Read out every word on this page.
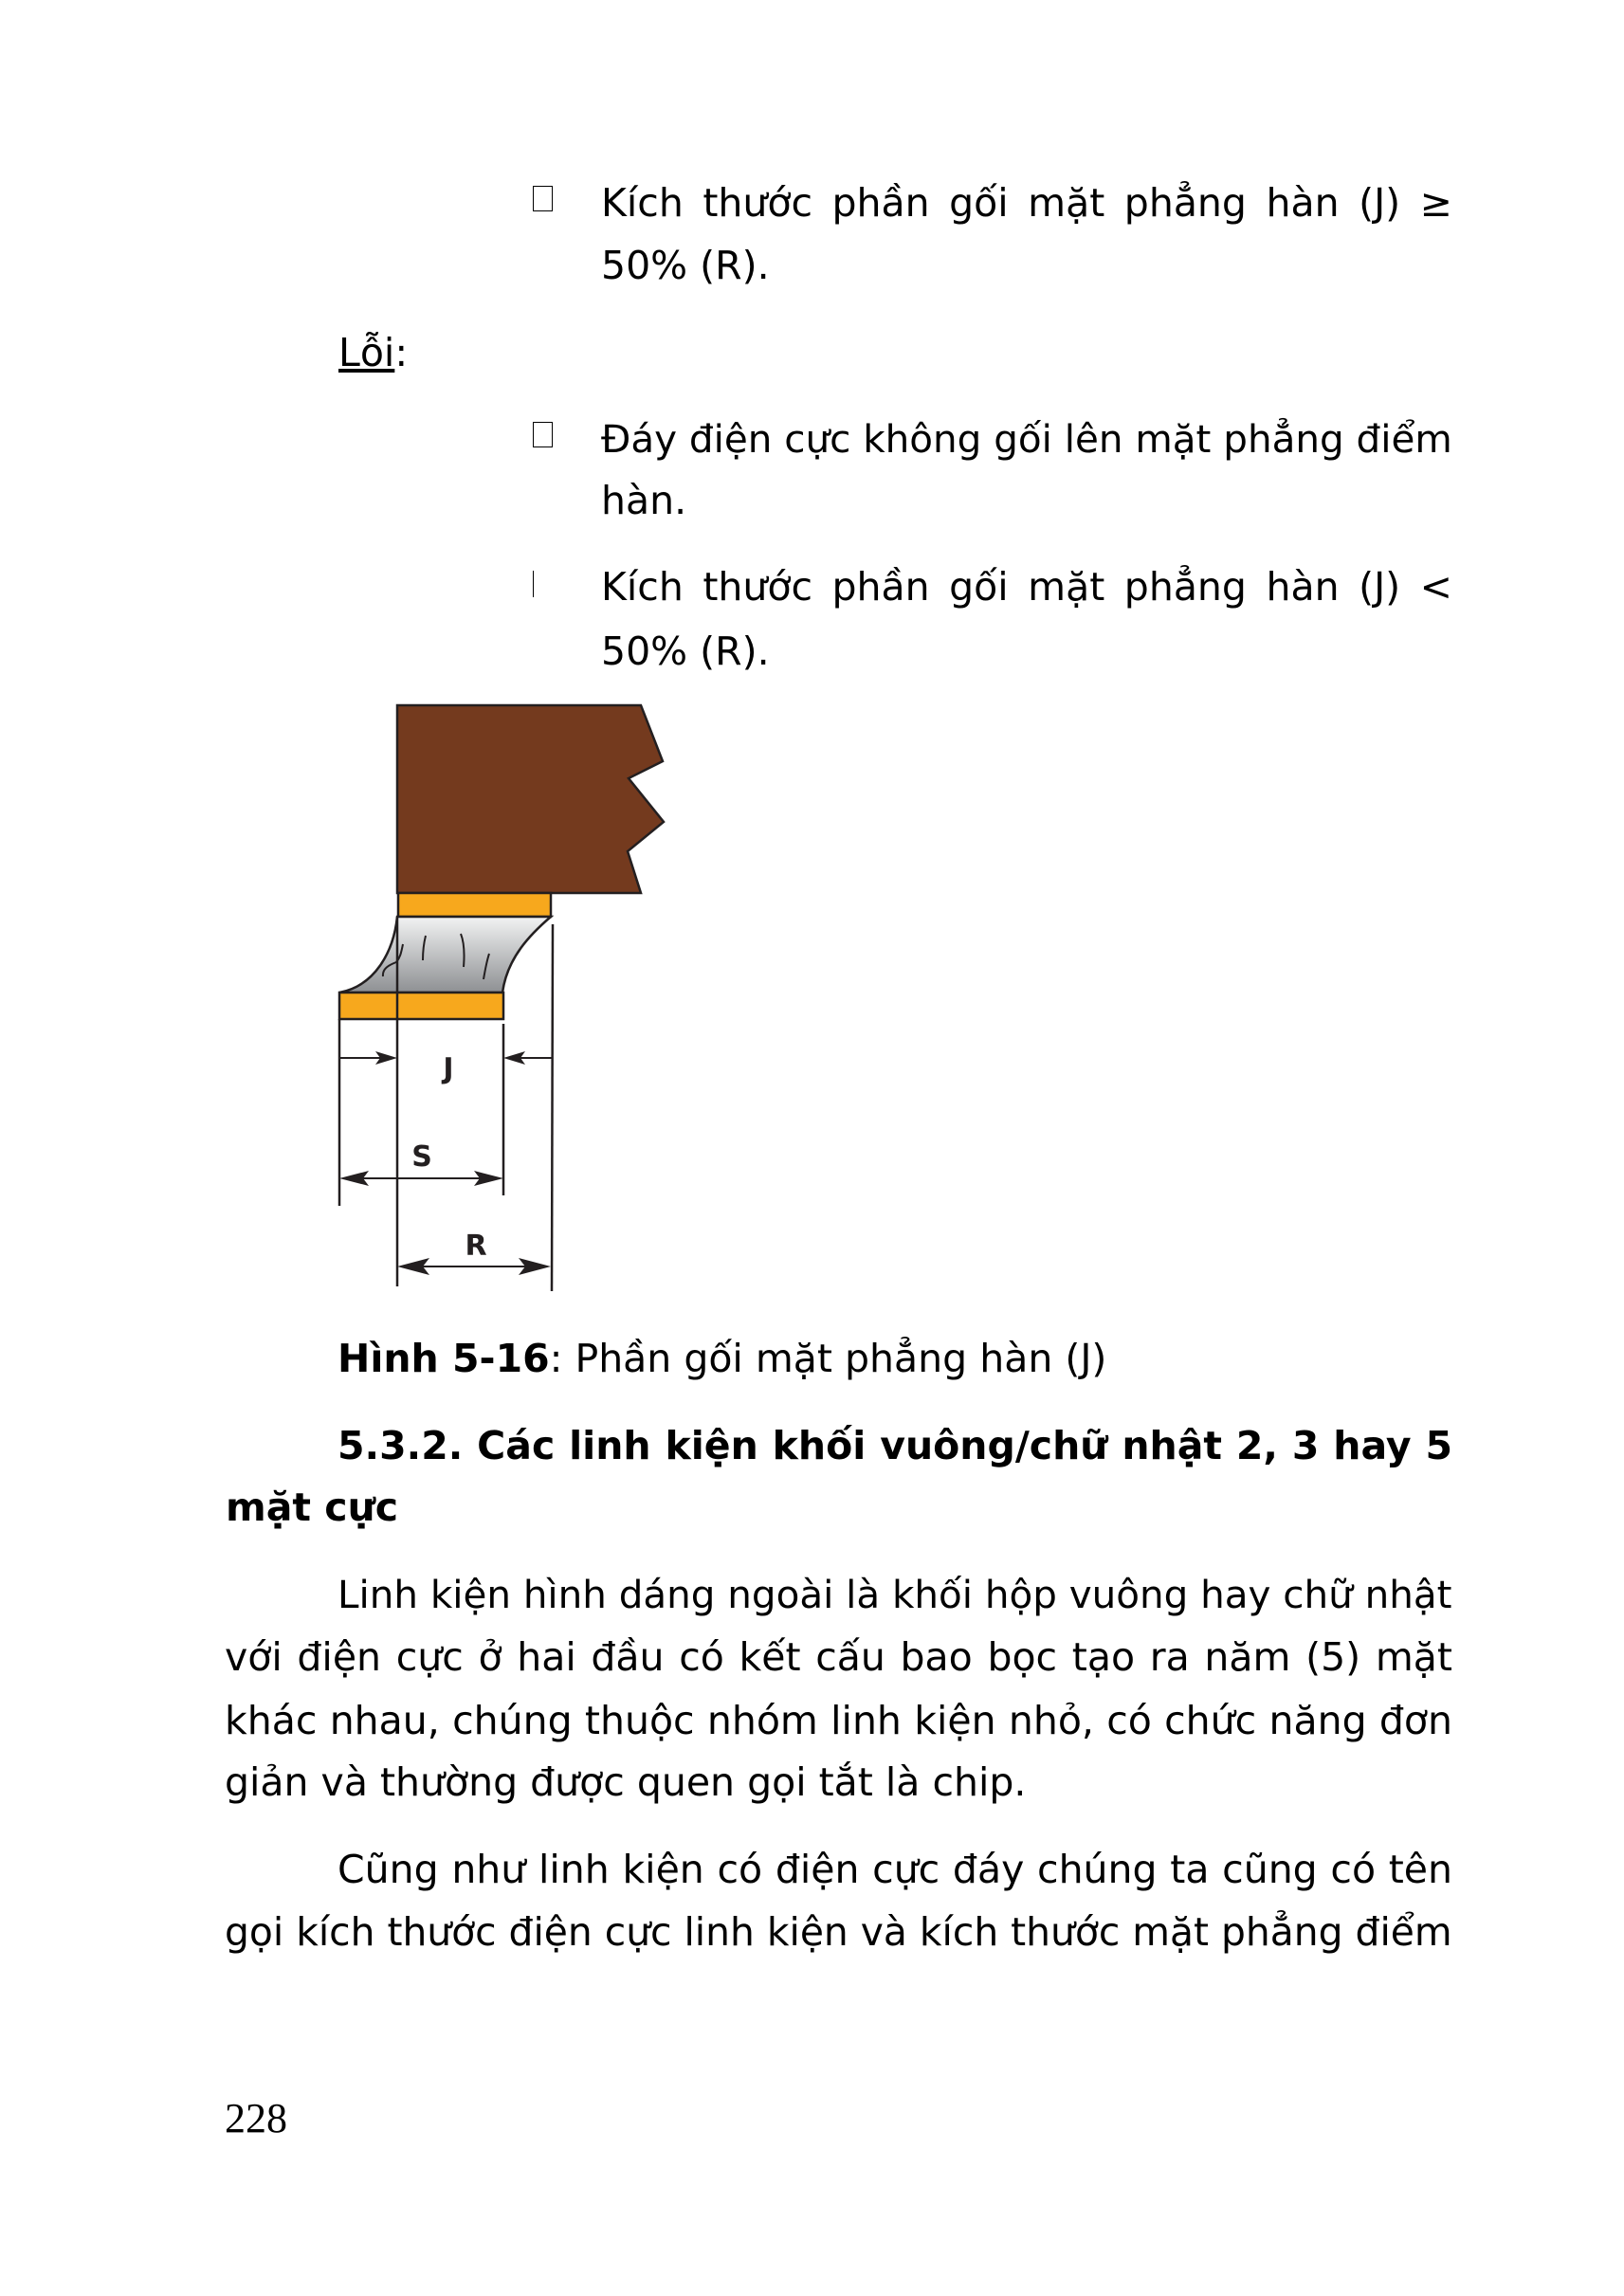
Kích thước phần gối mặt phẳng hàn (J) ≥
50% (R).
Lỗi:
Đáy điện cực không gối lên mặt phẳng điểm
hàn.
Kích thước phần gối mặt phẳng hàn (J) <
50% (R).
J
S
R
Hình 5-16: Phần gối mặt phẳng hàn (J)
5.3.2. Các linh kiện khối vuông/chữ nhật 2, 3 hay 5
mặt cực
Linh kiện hình dáng ngoài là khối hộp vuông hay chữ nhật
với điện cực ở hai đầu có kết cấu bao bọc tạo ra năm (5) mặt
khác nhau, chúng thuộc nhóm linh kiện nhỏ, có chức năng đơn
giản và thường được quen gọi tắt là chip.
Cũng như linh kiện có điện cực đáy chúng ta cũng có tên
gọi kích thước điện cực linh kiện và kích thước mặt phẳng điểm
228
